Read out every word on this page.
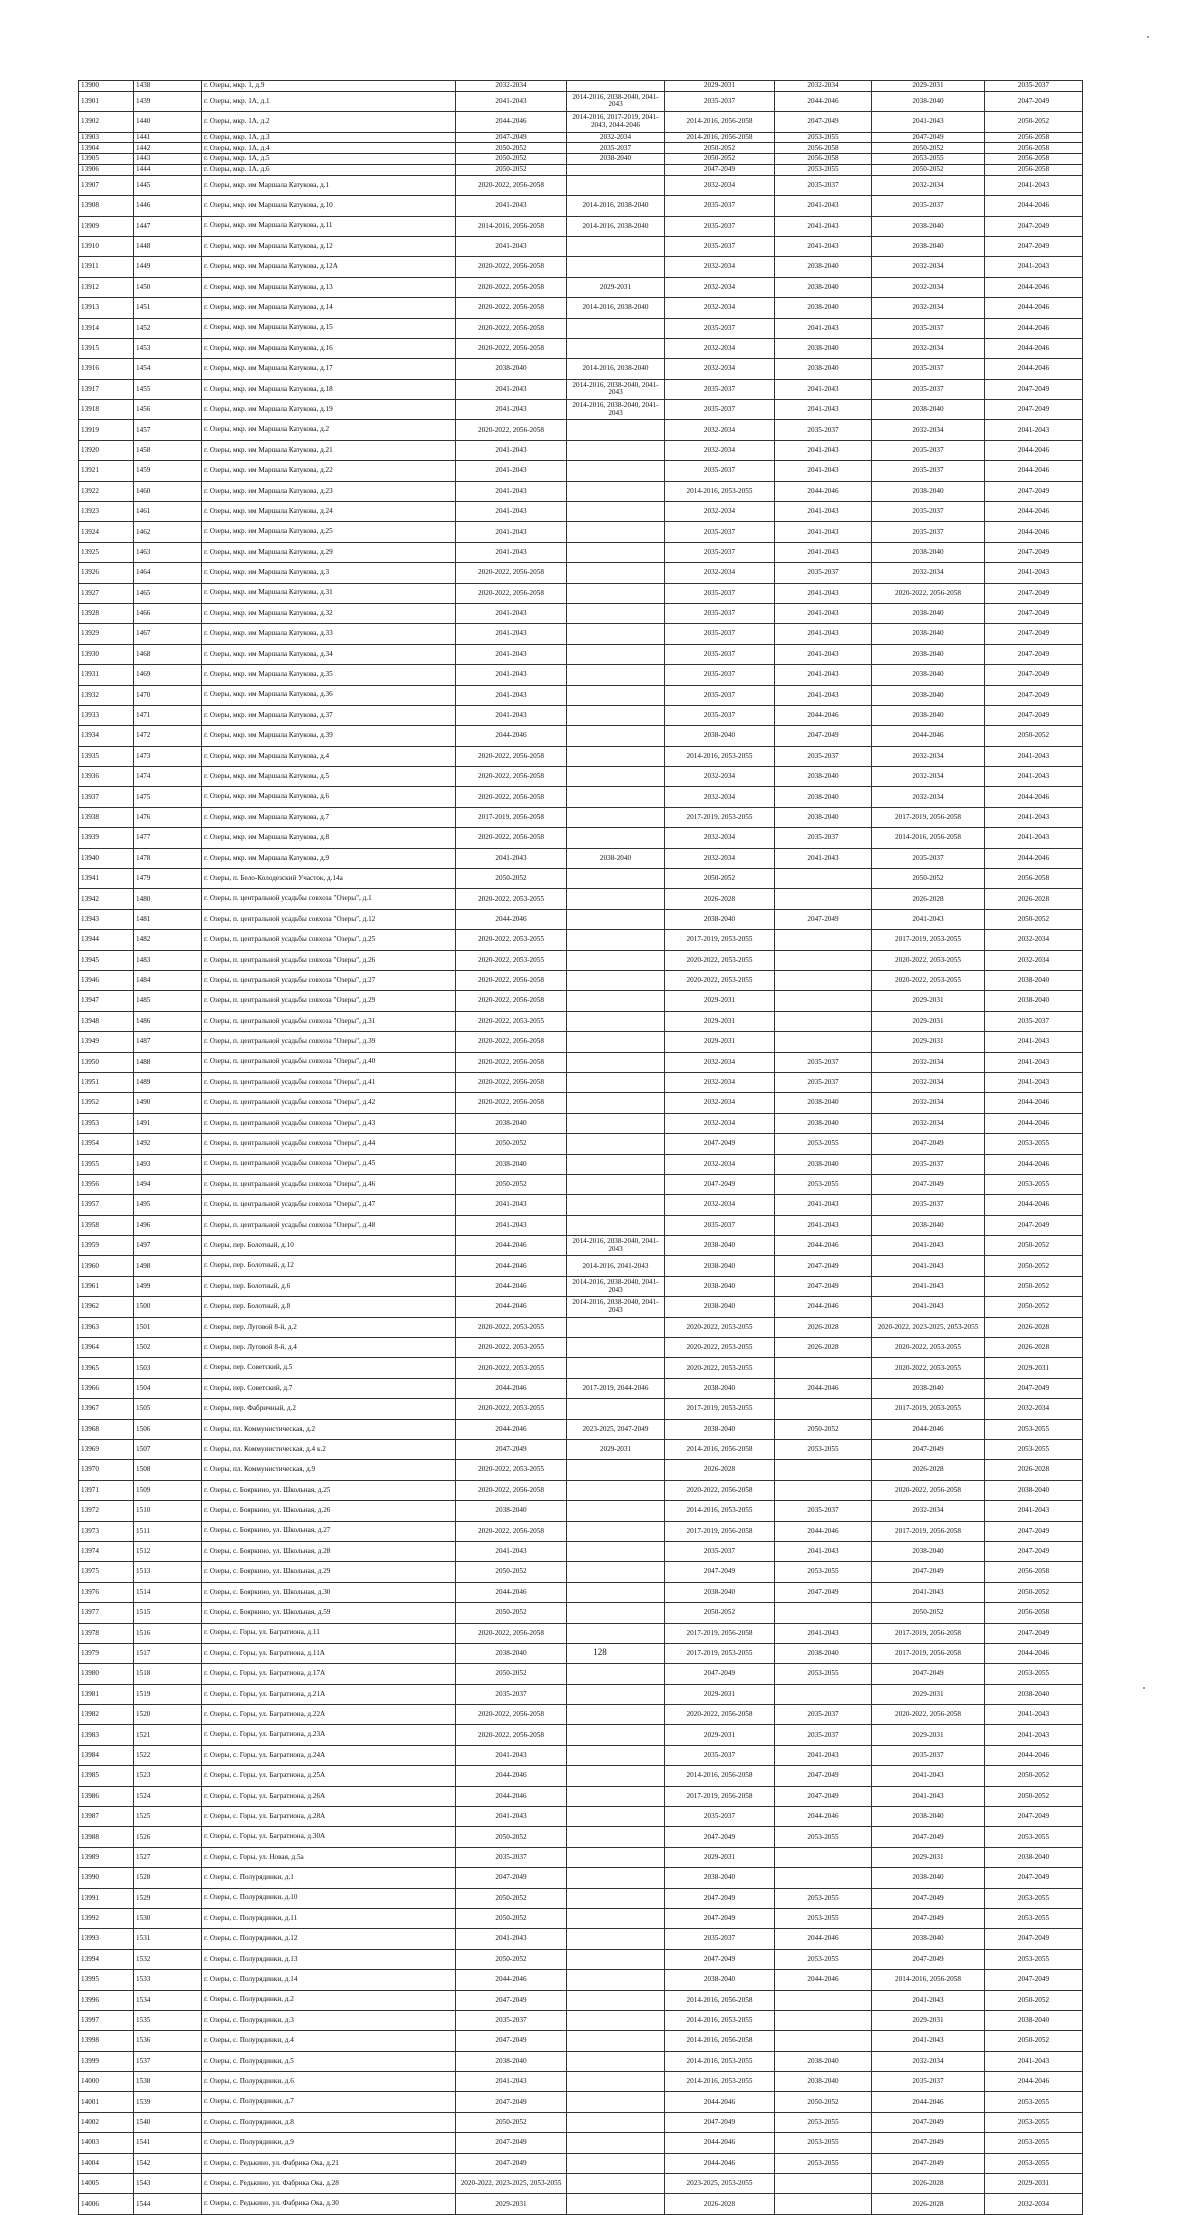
13900	1438	г. Озеры, мкр. 1, д.9	2032-2034		2029-2031	2032-2034	2029-2031	2035-2037
13901	1439	г. Озеры, мкр. 1А, д.1	2041-2043	2014-2016, 2038-2040, 2041-2043	2035-2037	2044-2046	2038-2040	2047-2049
13902	1440	г. Озеры, мкр. 1А, д.2	2044-2046	2014-2016, 2017-2019, 2041-2043, 2044-2046	2014-2016, 2056-2058	2047-2049	2041-2043	2050-2052
13903	1441	г. Озеры, мкр. 1А, д.3	2047-2049	2032-2034	2014-2016, 2056-2058	2053-2055	2047-2049	2056-2058
13904	1442	г. Озеры, мкр. 1А, д.4	2050-2052	2035-2037	2050-2052	2056-2058	2050-2052	2056-2058
13905	1443	г. Озеры, мкр. 1А, д.5	2050-2052	2038-2040	2050-2052	2056-2058	2053-2055	2056-2058
13906	1444	г. Озеры, мкр. 1А, д.6	2050-2052		2047-2049	2053-2055	2050-2052	2056-2058
13907	1445	г. Озеры, мкр. им Маршала Катукова, д.1	2020-2022, 2056-2058		2032-2034	2035-2037	2032-2034	2041-2043
13908	1446	г. Озеры, мкр. им Маршала Катукова, д.10	2041-2043	2014-2016, 2038-2040	2035-2037	2041-2043	2035-2037	2044-2046
13909	1447	г. Озеры, мкр. им Маршала Катукова, д.11	2014-2016, 2056-2058	2014-2016, 2038-2040	2035-2037	2041-2043	2038-2040	2047-2049
13910	1448	г. Озеры, мкр. им Маршала Катукова, д.12	2041-2043		2035-2037	2041-2043	2038-2040	2047-2049
13911	1449	г. Озеры, мкр. им Маршала Катукова, д.12А	2020-2022, 2056-2058		2032-2034	2038-2040	2032-2034	2041-2043
13912	1450	г. Озеры, мкр. им Маршала Катукова, д.13	2020-2022, 2056-2058	2029-2031	2032-2034	2038-2040	2032-2034	2044-2046
13913	1451	г. Озеры, мкр. им Маршала Катукова, д.14	2020-2022, 2056-2058	2014-2016, 2038-2040	2032-2034	2038-2040	2032-2034	2044-2046
13914	1452	г. Озеры, мкр. им Маршала Катукова, д.15	2020-2022, 2056-2058		2035-2037	2041-2043	2035-2037	2044-2046
13915	1453	г. Озеры, мкр. им Маршала Катукова, д.16	2020-2022, 2056-2058		2032-2034	2038-2040	2032-2034	2044-2046
13916	1454	г. Озеры, мкр. им Маршала Катукова, д.17	2038-2040	2014-2016, 2038-2040	2032-2034	2038-2040	2035-2037	2044-2046
13917	1455	г. Озеры, мкр. им Маршала Катукова, д.18	2041-2043	2014-2016, 2038-2040, 2041-2043	2035-2037	2041-2043	2035-2037	2047-2049
13918	1456	г. Озеры, мкр. им Маршала Катукова, д.19	2041-2043	2014-2016, 2038-2040, 2041-2043	2035-2037	2041-2043	2038-2040	2047-2049
13919	1457	г. Озеры, мкр. им Маршала Катукова, д.2	2020-2022, 2056-2058		2032-2034	2035-2037	2032-2034	2041-2043
13920	1458	г. Озеры, мкр. им Маршала Катукова, д.21	2041-2043		2032-2034	2041-2043	2035-2037	2044-2046
13921	1459	г. Озеры, мкр. им Маршала Катукова, д.22	2041-2043		2035-2037	2041-2043	2035-2037	2044-2046
13922	1460	г. Озеры, мкр. им Маршала Катукова, д.23	2041-2043		2014-2016, 2053-2055	2044-2046	2038-2040	2047-2049
13923	1461	г. Озеры, мкр. им Маршала Катукова, д.24	2041-2043		2032-2034	2041-2043	2035-2037	2044-2046
13924	1462	г. Озеры, мкр. им Маршала Катукова, д.25	2041-2043		2035-2037	2041-2043	2035-2037	2044-2046
13925	1463	г. Озеры, мкр. им Маршала Катукова, д.29	2041-2043		2035-2037	2041-2043	2038-2040	2047-2049
13926	1464	г. Озеры, мкр. им Маршала Катукова, д.3	2020-2022, 2056-2058		2032-2034	2035-2037	2032-2034	2041-2043
13927	1465	г. Озеры, мкр. им Маршала Катукова, д.31	2020-2022, 2056-2058		2035-2037	2041-2043	2020-2022, 2056-2058	2047-2049
13928	1466	г. Озеры, мкр. им Маршала Катукова, д.32	2041-2043		2035-2037	2041-2043	2038-2040	2047-2049
13929	1467	г. Озеры, мкр. им Маршала Катукова, д.33	2041-2043		2035-2037	2041-2043	2038-2040	2047-2049
13930	1468	г. Озеры, мкр. им Маршала Катукова, д.34	2041-2043		2035-2037	2041-2043	2038-2040	2047-2049
13931	1469	г. Озеры, мкр. им Маршала Катукова, д.35	2041-2043		2035-2037	2041-2043	2038-2040	2047-2049
13932	1470	г. Озеры, мкр. им Маршала Катукова, д.36	2041-2043		2035-2037	2041-2043	2038-2040	2047-2049
13933	1471	г. Озеры, мкр. им Маршала Катукова, д.37	2041-2043		2035-2037	2044-2046	2038-2040	2047-2049
13934	1472	г. Озеры, мкр. им Маршала Катукова, д.39	2044-2046		2038-2040	2047-2049	2044-2046	2050-2052
13935	1473	г. Озеры, мкр. им Маршала Катукова, д.4	2020-2022, 2056-2058		2014-2016, 2053-2055	2035-2037	2032-2034	2041-2043
13936	1474	г. Озеры, мкр. им Маршала Катукова, д.5	2020-2022, 2056-2058		2032-2034	2038-2040	2032-2034	2041-2043
13937	1475	г. Озеры, мкр. им Маршала Катукова, д.6	2020-2022, 2056-2058		2032-2034	2038-2040	2032-2034	2044-2046
13938	1476	г. Озеры, мкр. им Маршала Катукова, д.7	2017-2019, 2056-2058		2017-2019, 2053-2055	2038-2040	2017-2019, 2056-2058	2041-2043
13939	1477	г. Озеры, мкр. им Маршала Катукова, д.8	2020-2022, 2056-2058		2032-2034	2035-2037	2014-2016, 2056-2058	2041-2043
13940	1478	г. Озеры, мкр. им Маршала Катукова, д.9	2041-2043	2038-2040	2032-2034	2041-2043	2035-2037	2044-2046
13941	1479	г. Озеры, п. Бело-Колодезский Участок, д.14а	2050-2052		2050-2052		2050-2052	2056-2058
13942	1480	г. Озеры, п. центральной усадьбы совхоза "Озеры", д.1	2020-2022, 2053-2055		2026-2028		2026-2028	2026-2028
13943	1481	г. Озеры, п. центральной усадьбы совхоза "Озеры", д.12	2044-2046		2038-2040	2047-2049	2041-2043	2050-2052
13944	1482	г. Озеры, п. центральной усадьбы совхоза "Озеры", д.25	2020-2022, 2053-2055		2017-2019, 2053-2055		2017-2019, 2053-2055	2032-2034
13945	1483	г. Озеры, п. центральной усадьбы совхоза "Озеры", д.26	2020-2022, 2053-2055		2020-2022, 2053-2055		2020-2022, 2053-2055	2032-2034
13946	1484	г. Озеры, п. центральной усадьбы совхоза "Озеры", д.27	2020-2022, 2056-2058		2020-2022, 2053-2055		2020-2022, 2053-2055	2038-2040
13947	1485	г. Озеры, п. центральной усадьбы совхоза "Озеры", д.29	2020-2022, 2056-2058		2029-2031		2029-2031	2038-2040
13948	1486	г. Озеры, п. центральной усадьбы совхоза "Озеры", д.31	2020-2022, 2053-2055		2029-2031		2029-2031	2035-2037
13949	1487	г. Озеры, п. центральной усадьбы совхоза "Озеры", д.39	2020-2022, 2056-2058		2029-2031		2029-2031	2041-2043
13950	1488	г. Озеры, п. центральной усадьбы совхоза "Озеры", д.40	2020-2022, 2056-2058		2032-2034	2035-2037	2032-2034	2041-2043
13951	1489	г. Озеры, п. центральной усадьбы совхоза "Озеры", д.41	2020-2022, 2056-2058		2032-2034	2035-2037	2032-2034	2041-2043
13952	1490	г. Озеры, п. центральной усадьбы совхоза "Озеры", д.42	2020-2022, 2056-2058		2032-2034	2038-2040	2032-2034	2044-2046
13953	1491	г. Озеры, п. центральной усадьбы совхоза "Озеры", д.43	2038-2040		2032-2034	2038-2040	2032-2034	2044-2046
13954	1492	г. Озеры, п. центральной усадьбы совхоза "Озеры", д.44	2050-2052		2047-2049	2053-2055	2047-2049	2053-2055
13955	1493	г. Озеры, п. центральной усадьбы совхоза "Озеры", д.45	2038-2040		2032-2034	2038-2040	2035-2037	2044-2046
13956	1494	г. Озеры, п. центральной усадьбы совхоза "Озеры", д.46	2050-2052		2047-2049	2053-2055	2047-2049	2053-2055
13957	1495	г. Озеры, п. центральной усадьбы совхоза "Озеры", д.47	2041-2043		2032-2034	2041-2043	2035-2037	2044-2046
13958	1496	г. Озеры, п. центральной усадьбы совхоза "Озеры", д.48	2041-2043		2035-2037	2041-2043	2038-2040	2047-2049
13959	1497	г. Озеры, пер. Болотный, д.10	2044-2046	2014-2016, 2038-2040, 2041-2043	2038-2040	2044-2046	2041-2043	2050-2052
13960	1498	г. Озеры, пер. Болотный, д.12	2044-2046	2014-2016, 2041-2043	2038-2040	2047-2049	2041-2043	2050-2052
13961	1499	г. Озеры, пер. Болотный, д.6	2044-2046	2014-2016, 2038-2040, 2041-2043	2038-2040	2047-2049	2041-2043	2050-2052
13962	1500	г. Озеры, пер. Болотный, д.8	2044-2046	2014-2016, 2038-2040, 2041-2043	2038-2040	2044-2046	2041-2043	2050-2052
13963	1501	г. Озеры, пер. Луговой 8-й, д.2	2020-2022, 2053-2055		2020-2022, 2053-2055	2026-2028	2020-2022, 2023-2025, 2053-2055	2026-2028
13964	1502	г. Озеры, пер. Луговой 8-й, д.4	2020-2022, 2053-2055		2020-2022, 2053-2055	2026-2028	2020-2022, 2053-2055	2026-2028
13965	1503	г. Озеры, пер. Советский, д.5	2020-2022, 2053-2055		2020-2022, 2053-2055		2020-2022, 2053-2055	2029-2031
13966	1504	г. Озеры, пер. Советский, д.7	2044-2046	2017-2019, 2044-2046	2038-2040	2044-2046	2038-2040	2047-2049
13967	1505	г. Озеры, пер. Фабричный, д.2	2020-2022, 2053-2055		2017-2019, 2053-2055		2017-2019, 2053-2055	2032-2034
13968	1506	г. Озеры, пл. Коммунистическая, д.2	2044-2046	2023-2025, 2047-2049	2038-2040	2050-2052	2044-2046	2053-2055
13969	1507	г. Озеры, пл. Коммунистическая, д.4 к.2	2047-2049	2029-2031	2014-2016, 2056-2058	2053-2055	2047-2049	2053-2055
13970	1508	г. Озеры, пл. Коммунистическая, д.9	2020-2022, 2053-2055		2026-2028		2026-2028	2026-2028
13971	1509	г. Озеры, с. Бояркино, ул. Школьная, д.25	2020-2022, 2056-2058		2020-2022, 2056-2058		2020-2022, 2056-2058	2038-2040
13972	1510	г. Озеры, с. Бояркино, ул. Школьная, д.26	2038-2040		2014-2016, 2053-2055	2035-2037	2032-2034	2041-2043
13973	1511	г. Озеры, с. Бояркино, ул. Школьная, д.27	2020-2022, 2056-2058		2017-2019, 2056-2058	2044-2046	2017-2019, 2056-2058	2047-2049
13974	1512	г. Озеры, с. Бояркино, ул. Школьная, д.28	2041-2043		2035-2037	2041-2043	2038-2040	2047-2049
13975	1513	г. Озеры, с. Бояркино, ул. Школьная, д.29	2050-2052		2047-2049	2053-2055	2047-2049	2056-2058
13976	1514	г. Озеры, с. Бояркино, ул. Школьная, д.30	2044-2046		2038-2040	2047-2049	2041-2043	2050-2052
13977	1515	г. Озеры, с. Бояркино, ул. Школьная, д.59	2050-2052		2050-2052		2050-2052	2056-2058
13978	1516	г. Озеры, с. Горы, ул. Багратиона, д.11	2020-2022, 2056-2058		2017-2019, 2056-2058	2041-2043	2017-2019, 2056-2058	2047-2049
13979	1517	г. Озеры, с. Горы, ул. Багратиона, д.11А	2038-2040		2017-2019, 2053-2055	2038-2040	2017-2019, 2056-2058	2044-2046
13980	1518	г. Озеры, с. Горы, ул. Багратиона, д.17А	2050-2052		2047-2049	2053-2055	2047-2049	2053-2055
13981	1519	г. Озеры, с. Горы, ул. Багратиона, д.21А	2035-2037		2029-2031		2029-2031	2038-2040
13982	1520	г. Озеры, с. Горы, ул. Багратиона, д.22А	2020-2022, 2056-2058		2020-2022, 2056-2058	2035-2037	2020-2022, 2056-2058	2041-2043
13983	1521	г. Озеры, с. Горы, ул. Багратиона, д.23А	2020-2022, 2056-2058		2029-2031	2035-2037	2029-2031	2041-2043
13984	1522	г. Озеры, с. Горы, ул. Багратиона, д.24А	2041-2043		2035-2037	2041-2043	2035-2037	2044-2046
13985	1523	г. Озеры, с. Горы, ул. Багратиона, д.25А	2044-2046		2014-2016, 2056-2058	2047-2049	2041-2043	2050-2052
13986	1524	г. Озеры, с. Горы, ул. Багратиона, д.26А	2044-2046		2017-2019, 2056-2058	2047-2049	2041-2043	2050-2052
13987	1525	г. Озеры, с. Горы, ул. Багратиона, д.28А	2041-2043		2035-2037	2044-2046	2038-2040	2047-2049
13988	1526	г. Озеры, с. Горы, ул. Багратиона, д.30А	2050-2052		2047-2049	2053-2055	2047-2049	2053-2055
13989	1527	г. Озеры, с. Горы, ул. Новая, д.5а	2035-2037		2029-2031		2029-2031	2038-2040
13990	1528	г. Озеры, с. Полурядинки, д.1	2047-2049		2038-2040		2038-2040	2047-2049
13991	1529	г. Озеры, с. Полурядинки, д.10	2050-2052		2047-2049	2053-2055	2047-2049	2053-2055
13992	1530	г. Озеры, с. Полурядинки, д.11	2050-2052		2047-2049	2053-2055	2047-2049	2053-2055
13993	1531	г. Озеры, с. Полурядинки, д.12	2041-2043		2035-2037	2044-2046	2038-2040	2047-2049
13994	1532	г. Озеры, с. Полурядинки, д.13	2050-2052		2047-2049	2053-2055	2047-2049	2053-2055
13995	1533	г. Озеры, с. Полурядинки, д.14	2044-2046		2038-2040	2044-2046	2014-2016, 2056-2058	2047-2049
13996	1534	г. Озеры, с. Полурядинки, д.2	2047-2049		2014-2016, 2056-2058		2041-2043	2050-2052
13997	1535	г. Озеры, с. Полурядинки, д.3	2035-2037		2014-2016, 2053-2055		2029-2031	2038-2040
13998	1536	г. Озеры, с. Полурядинки, д.4	2047-2049		2014-2016, 2056-2058		2041-2043	2050-2052
13999	1537	г. Озеры, с. Полурядинки, д.5	2038-2040		2014-2016, 2053-2055	2038-2040	2032-2034	2041-2043
14000	1538	г. Озеры, с. Полурядинки, д.6	2041-2043		2014-2016, 2053-2055	2038-2040	2035-2037	2044-2046
14001	1539	г. Озеры, с. Полурядинки, д.7	2047-2049		2044-2046	2050-2052	2044-2046	2053-2055
14002	1540	г. Озеры, с. Полурядинки, д.8	2050-2052		2047-2049	2053-2055	2047-2049	2053-2055
14003	1541	г. Озеры, с. Полурядинки, д.9	2047-2049		2044-2046	2053-2055	2047-2049	2053-2055
14004	1542	г. Озеры, с. Редькино, ул. Фабрика Ока, д.21	2047-2049		2044-2046	2053-2055	2047-2049	2053-2055
14005	1543	г. Озеры, с. Редькино, ул. Фабрика Ока, д.28	2020-2022, 2023-2025, 2053-2055		2023-2025, 2053-2055		2026-2028	2029-2031
14006	1544	г. Озеры, с. Редькино, ул. Фабрика Ока, д.30	2029-2031		2026-2028		2026-2028	2032-2034
128
